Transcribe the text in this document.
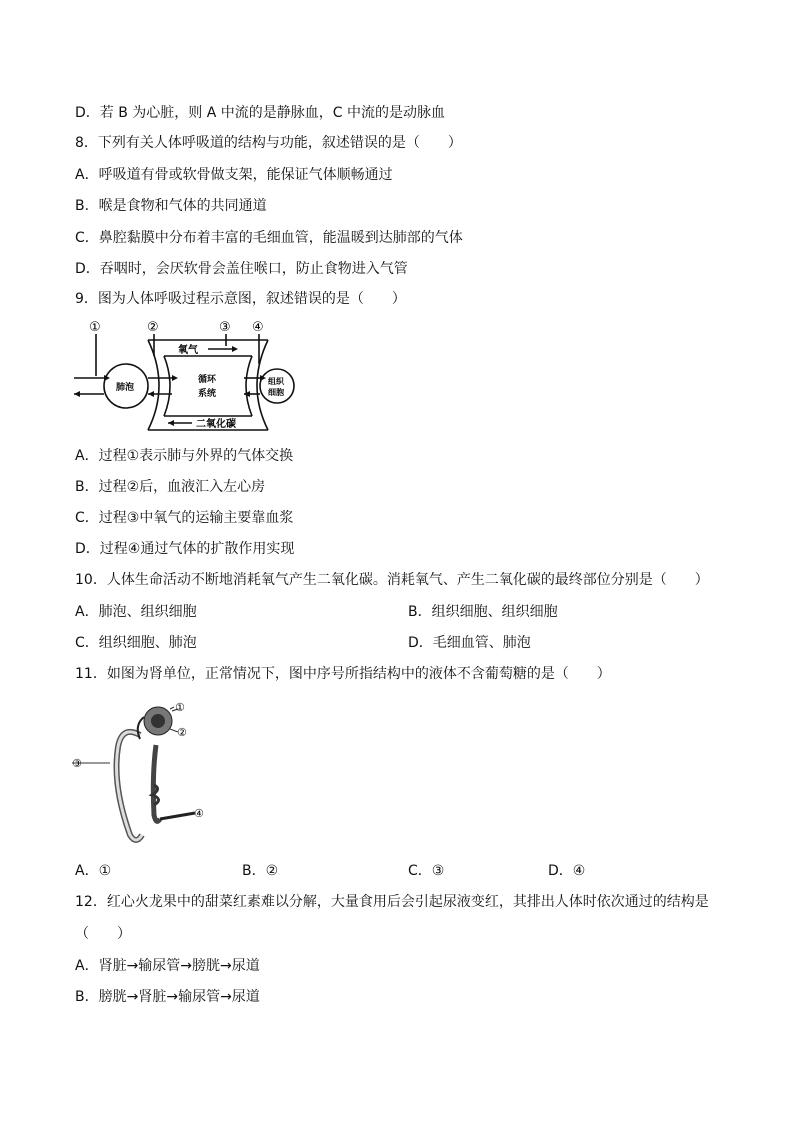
D．若 B 为心脏，则 A 中流的是静脉血，C 中流的是动脉血
8．下列有关人体呼吸道的结构与功能，叙述错误的是（　　）
A．呼吸道有骨或软骨做支架，能保证气体顺畅通过
B．喉是食物和气体的共同通道
C．鼻腔黏膜中分布着丰富的毛细血管，能温暖到达肺部的气体
D．吞咽时，会厌软骨会盖住喉口，防止食物进入气管
9．图为人体呼吸过程示意图，叙述错误的是（　　）
①	②	③ ④
氧气
二氧化碳
肺泡
循环
系统
组织
细胞
A．过程①表示肺与外界的气体交换
B．过程②后，血液汇入左心房
C．过程③中氧气的运输主要靠血浆
D．过程④通过气体的扩散作用实现
10．人体生命活动不断地消耗氧气产生二氧化碳。消耗氧气、产生二氧化碳的最终部位分别是（　　）
A．肺泡、组织细胞	B．组织细胞、组织细胞
C．组织细胞、肺泡	D．毛细血管、肺泡
11．如图为肾单位，正常情况下，图中序号所指结构中的液体不含葡萄糖的是（　　）
①
②
③
④
A．①	B．②	C．③	D．④
12．红心火龙果中的甜菜红素难以分解，大量食用后会引起尿液变红，其排出人体时依次通过的结构是
（　　）
A．肾脏→输尿管→膀胱→尿道
B．膀胱→肾脏→输尿管→尿道
